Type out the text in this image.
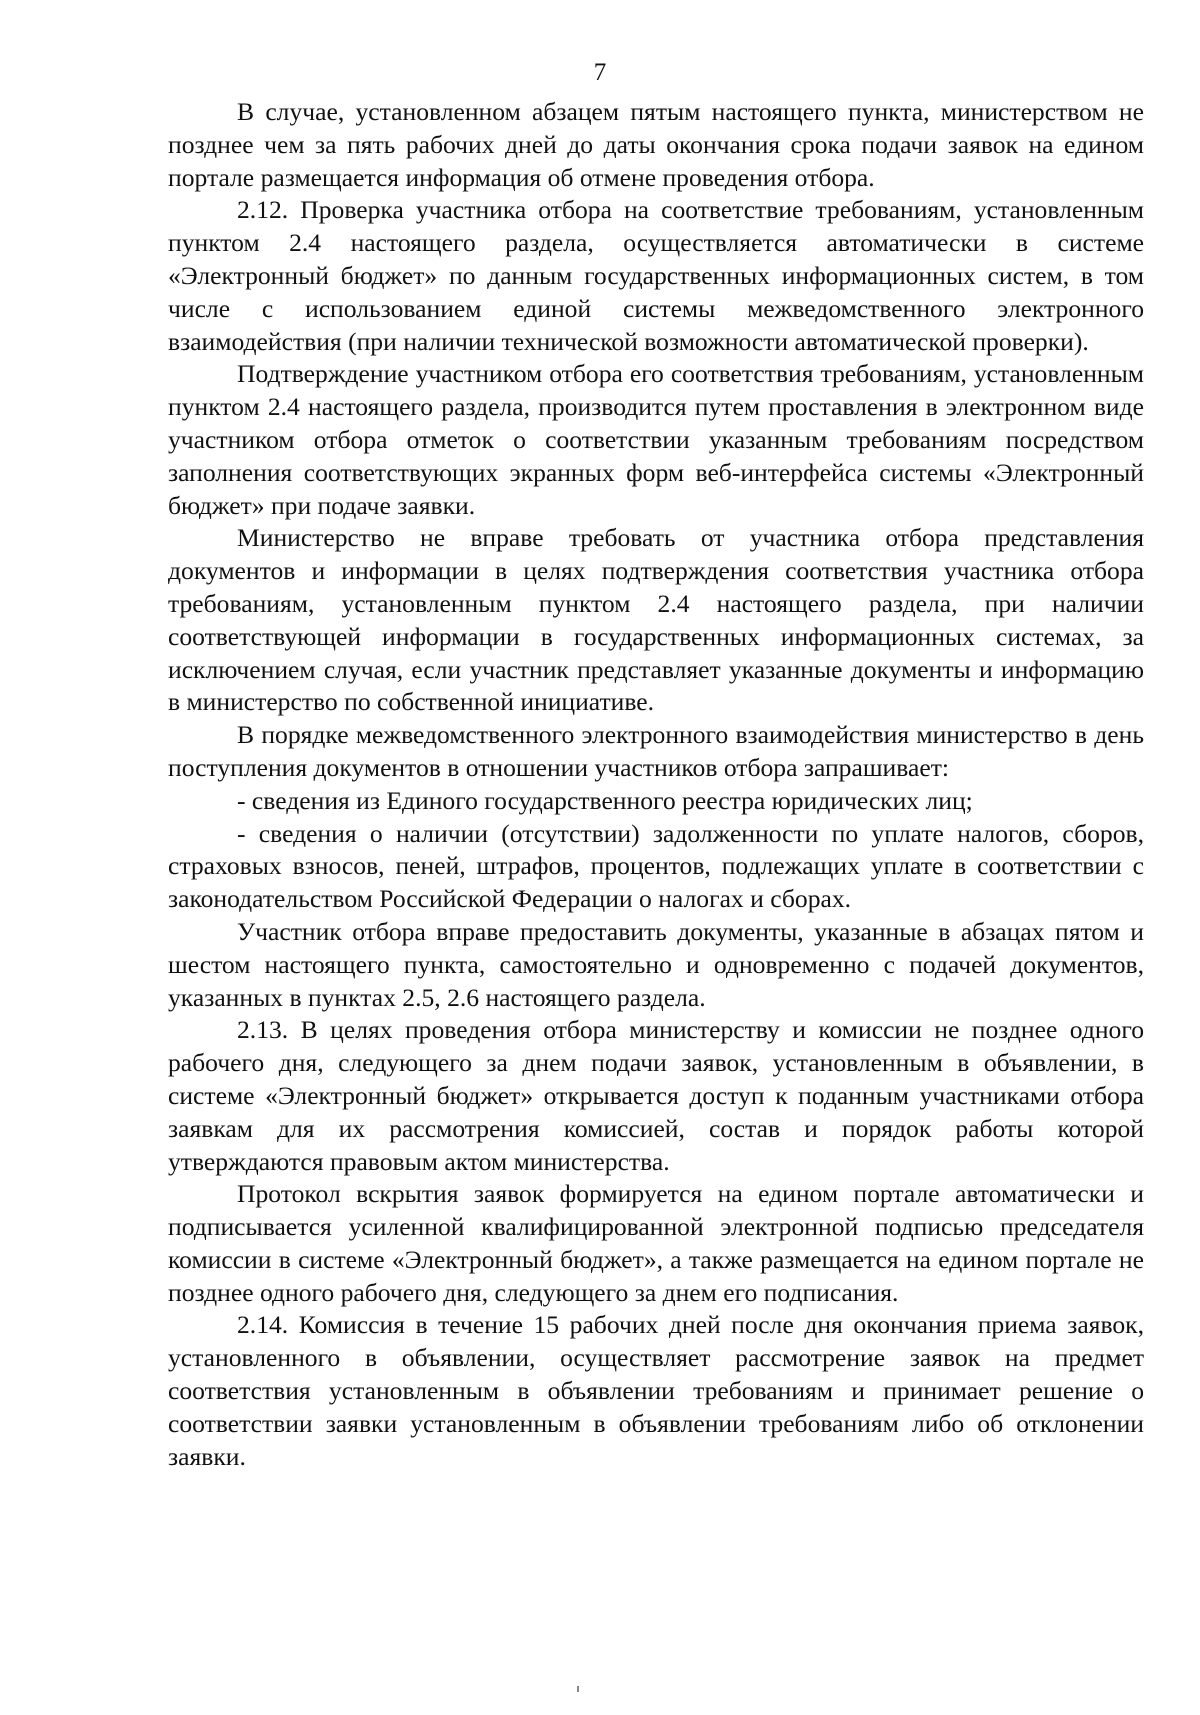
7

В случае, установленном абзацем пятым настоящего пункта, министерством не позднее чем за пять рабочих дней до даты окончания срока подачи заявок на едином портале размещается информация об отмене проведения отбора.

2.12. Проверка участника отбора на соответствие требованиям, установленным пунктом 2.4 настоящего раздела, осуществляется автоматически в системе «Электронный бюджет» по данным государственных информационных систем, в том числе с использованием единой системы межведомственного электронного взаимодействия (при наличии технической возможности автоматической проверки).

Подтверждение участником отбора его соответствия требованиям, установленным пунктом 2.4 настоящего раздела, производится путем проставления в электронном виде участником отбора отметок о соответствии указанным требованиям посредством заполнения соответствующих экранных форм веб-интерфейса системы «Электронный бюджет» при подаче заявки.

Министерство не вправе требовать от участника отбора представления документов и информации в целях подтверждения соответствия участника отбора требованиям, установленным пунктом 2.4 настоящего раздела, при наличии соответствующей информации в государственных информационных системах, за исключением случая, если участник представляет указанные документы и информацию в министерство по собственной инициативе.

В порядке межведомственного электронного взаимодействия министерство в день поступления документов в отношении участников отбора запрашивает:

- сведения из Единого государственного реестра юридических лиц;

- сведения о наличии (отсутствии) задолженности по уплате налогов, сборов, страховых взносов, пеней, штрафов, процентов, подлежащих уплате в соответствии с законодательством Российской Федерации о налогах и сборах.

Участник отбора вправе предоставить документы, указанные в абзацах пятом и шестом настоящего пункта, самостоятельно и одновременно с подачей документов, указанных в пунктах 2.5, 2.6 настоящего раздела.

2.13. В целях проведения отбора министерству и комиссии не позднее одного рабочего дня, следующего за днем подачи заявок, установленным в объявлении, в системе «Электронный бюджет» открывается доступ к поданным участниками отбора заявкам для их рассмотрения комиссией, состав и порядок работы которой утверждаются правовым актом министерства.

Протокол вскрытия заявок формируется на едином портале автоматически и подписывается усиленной квалифицированной электронной подписью председателя комиссии в системе «Электронный бюджет», а также размещается на едином портале не позднее одного рабочего дня, следующего за днем его подписания.

2.14. Комиссия в течение 15 рабочих дней после дня окончания приема заявок, установленного в объявлении, осуществляет рассмотрение заявок на предмет соответствия установленным в объявлении требованиям и принимает решение о соответствии заявки установленным в объявлении требованиям либо об отклонении заявки.
